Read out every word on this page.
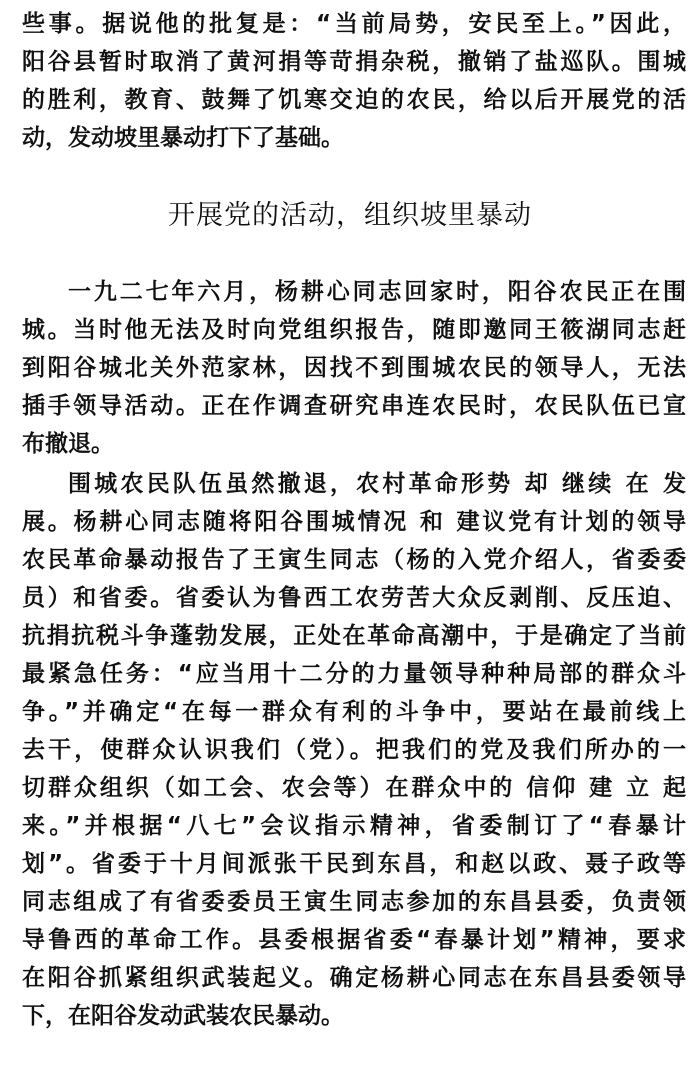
些事。据说他的批复是：“当前局势，安民至上。”因此，
阳谷县暂时取消了黄河捐等苛捐杂税，撤销了盐巡队。围城
的胜利，教育、鼓舞了饥寒交迫的农民，给以后开展党的活
动，发动坡里暴动打下了基础。
开展党的活动，组织坡里暴动
一九二七年六月，杨耕心同志回家时，阳谷农民正在围
城。当时他无法及时向党组织报告，随即邀同王筱湖同志赶
到阳谷城北关外范家林，因找不到围城农民的领导人，无法
插手领导活动。正在作调查研究串连农民时，农民队伍已宣
布撤退。
围城农民队伍虽然撤退，农村革命形势 却 继续 在 发
展。杨耕心同志随将阳谷围城情况 和 建议党有计划的领导
农民革命暴动报告了王寅生同志（杨的入党介绍人，省委委
员）和省委。省委认为鲁西工农劳苦大众反剥削、反压迫、
抗捐抗税斗争蓬勃发展，正处在革命高潮中，于是确定了当前
最紧急任务：“应当用十二分的力量领导种种局部的群众斗
争。”并确定“在每一群众有利的斗争中，要站在最前线上
去干，使群众认识我们（党）。把我们的党及我们所办的一
切群众组织（如工会、农会等）在群众中的 信仰 建 立 起
来。”并根据“八七”会议指示精神，省委制订了“春暴计
划”。省委于十月间派张干民到东昌，和赵以政、聂子政等
同志组成了有省委委员王寅生同志参加的东昌县委，负责领
导鲁西的革命工作。县委根据省委“春暴计划”精神，要求
在阳谷抓紧组织武装起义。确定杨耕心同志在东昌县委领导
下，在阳谷发动武装农民暴动。
